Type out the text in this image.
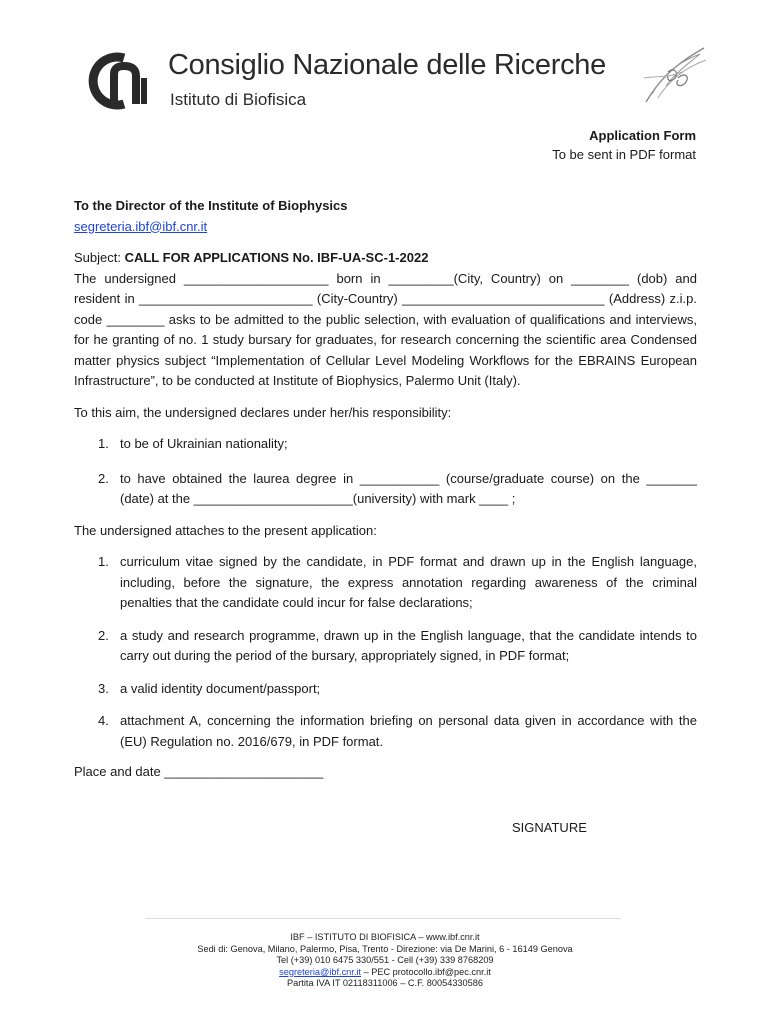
Consiglio Nazionale delle Ricerche
Istituto di Biofisica
Application Form
To be sent in PDF format

To the Director of the Institute of Biophysics

segreteria.ibf@ibf.cnr.it

Subject: CALL FOR APPLICATIONS No. IBF-UA-SC-1-2022

The undersigned ____________________ born in _________(City, Country) on ________ (dob) and resident in ________________________ (City-Country) ____________________________ (Address) z.i.p. code ________ asks to be admitted to the public selection, with evaluation of qualifications and interviews, for he granting of no. 1 study bursary for graduates, for research concerning the scientific area Condensed matter physics subject “Implementation of Cellular Level Modeling Workflows for the EBRAINS European Infrastructure”, to be conducted at Institute of Biophysics, Palermo Unit (Italy).

To this aim, the undersigned declares under her/his responsibility:

1. to be of Ukrainian nationality;
2. to have obtained the laurea degree in ___________ (course/graduate course) on the _______ (date) at the ______________________(university) with mark ____ ;

The undersigned attaches to the present application:

1. curriculum vitae signed by the candidate, in PDF format and drawn up in the English language, including, before the signature, the express annotation regarding awareness of the criminal penalties that the candidate could incur for false declarations;
2. a study and research programme, drawn up in the English language, that the candidate intends to carry out during the period of the bursary, appropriately signed, in PDF format;
3. a valid identity document/passport;
4. attachment A, concerning the information briefing on personal data given in accordance with the (EU) Regulation no. 2016/679, in PDF format.

Place and date ______________________

SIGNATURE
IBF – ISTITUTO DI BIOFISICA – www.ibf.cnr.it
Sedi di: Genova, Milano, Palermo, Pisa, Trento - Direzione: via De Marini, 6 - 16149 Genova
Tel (+39) 010 6475 330/551 - Cell (+39) 339 8768209
segreteria@ibf.cnr.it – PEC protocollo.ibf@pec.cnr.it
Partita IVA IT 02118311006 – C.F. 80054330586
